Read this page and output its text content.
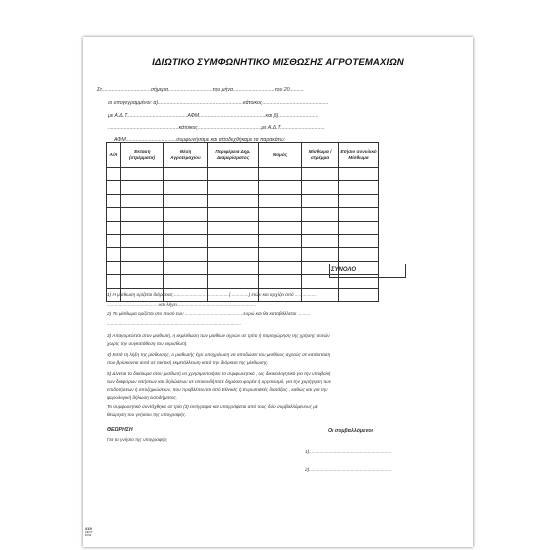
ΙΔΙΩΤΙΚΟ ΣΥΜΦΩΝΗΤΙΚΟ ΜΙΣΘΩΣΗΣ ΑΓΡΟΤΕΜΑΧΙΩΝ
Στ..................................σήμερα...............................του μήνα.............................του 20..........
οι υπογεγραμμένοι: α)...........................................................κάτοικος..............................................
με Α.Δ.Τ..........................................ΑΦΜ..............................................και β)............................
.................................................κάτοικος............................................με Α.Δ.Τ...............................
ΑΦΜ...................................συμφωνήσαμε και αποδεχθήκαμε τα παρακάτω:
Α/Α	Έκταση (στρέμματα)	Θέση Αγροτεμαχίου	Περιφέρεια Δημ. Διαμερίσματος	Νομός	Μίσθωμα /στρέμμα	Ετήσιο συνολικό Μίσθωμα

ΣΥΝΟΛΟ
1) Η μίσθωση ορίζεται διάρκειας...........................................(..............) ετών και αρχίζει από .................
........................................και λήγει.............................................................
2) Το μίσθωμα ορίζεται στο ποσό των .............................................ευρώ και θα καταβάλλεται ..........
.......................................................................................................
3) Απαγορεύεται στον μισθωτή, η εκμίσθωση των μισθίων αγρών σε τρίτο ή παραχώρηση της χρήσης αυτών
χωρίς την συγκατάθεση του εκμισθωτή.
4) Κατά τη λήξη της μίσθωσης, ο μισθωτής έχει υποχρέωση να αποδώσει του μισθίους αγρούς σε κατάσταση
που βρίσκονται αυτά σε τακτική εκμετάλλευση κατά την διάρκεια της μίσθωσης.
5) Δίνεται το δικαίωμα στον μισθωτή να χρησιμοποιήσει το συμφωνητικό , ως δικαιολογητικό για την υποβολή
των διαφόρων αιτήσεων και δηλώσεων σε οποιονδήποτε δημόσιο φορέα ή οργανισμό, για την χορήγηση των
επιδοτήσεων ή αποζημιώσεων, που προβλέπονται από Εθνικές ή Ευρωπαϊκές διατάξεις , καθώς και για την
φορολογική δήλωση εισοδήματος.
Το συμφωνητικό συντάχθηκε σε τρία (3) αντίγραφα και υπογράφεται από τους δύο συμβαλλόμενους με
θεώρηση του γνήσιου της υπογραφής.
ΘΕΩΡΗΣΗ
Για το γνήσιο της υπογραφής
Οι συμβαλλόμενοι
1)...............................................................
2)...............................................................
419
ΣΕΠΤ
ΕΠΙΣ
